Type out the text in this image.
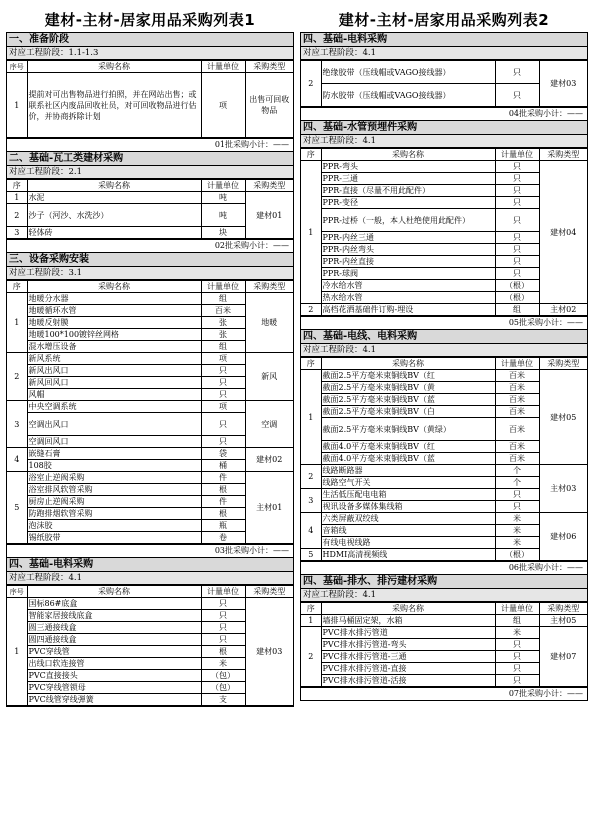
建材-主材-居家用品采购列表1
一、准备阶段
对应工程阶段：1.1-1.3
序号	采购名称	计量单位	采购类型
1	提前对可出售物品进行拍照，并在网站出售；或联系社区内废品回收社员，对可回收物品进行估价，并协商拆除计划	项	出售可回收物品
01批采购小计：——
二、基础-瓦工类建材采购
对应工程阶段：2.1
序	采购名称	计量单位	采购类型
1	水泥	吨	建材01
2	沙子（河沙、水洗沙）	吨	
3	轻体砖	块	
02批采购小计：——
三、设备采购安装
对应工程阶段：3.1
序	采购名称	计量单位	采购类型
1	地暖分水器	组	地暖
	地暖循环水管	百米	
	地暖反射膜	张	
	地暖100*100镀锌丝网格	张	
	混水增压设备	组	
2	新风系统	项	新风
	新风出风口	只	
	新风回风口	只	
	风帽	只	
3	中央空调系统	项	空调
	空调出风口	只	
	空调回风口	只	
4	嵌缝石膏	袋	建材02
	108胶	桶	
5	浴室止逆阀采购	件	主材01
	浴室排风软管采购	根	
	厨房止逆阀采购	件	
	防跑排烟软管采购	根	
	泡沫胶	瓶	
	锡纸胶带	卷	
03批采购小计：——
四、基础-电料采购
对应工程阶段：4.1
序号	采购名称	计量单位	采购类型
1	国标86#底盒	只	建材03
	智能家居接线底盒	只	
	圆三通接线盒	只	
	圆四通接线盒	只	
	PVC穿线管	根	
	出线口软连接管	米	
	PVC直接接头	（包）	
	PVC穿线管锁母	（包）	
	PVC线管穿线弹簧	支	
建材-主材-居家用品采购列表2
四、基础-电料采购
对应工程阶段：4.1
2	绝缘胶带（压线帽或VAGO接线器）	只	建材03
	防水胶带（压线帽或VAGO接线器）	只	
04批采购小计：——
四、基础-水管预埋件采购
对应工程阶段：4.1
序	采购名称	计量单位	采购类型
1	PPR-弯头	只	建材04
	PPR-三通	只	
	PPR-直接（尽量不用此配件）	只	
	PPR-变径	只	
	PPR-过桥（一般，本人杜绝使用此配件）	只	
	PPR-内丝三通	只	
	PPR-内丝弯头	只	
	PPR-内丝直接	只	
	PPR-球阀	只	
	冷水给水管	（根）	
	热水给水管	（根）	
2	高档花洒基础件订购-埋设	组	主材02
05批采购小计：——
四、基础-电线、电料采购
对应工程阶段：4.1
序	采购名称	计量单位	采购类型
1	截面2.5平方毫米束铜线BV（红	百米	建材05
	截面2.5平方毫米束铜线BV（黄	百米	
	截面2.5平方毫米束铜线BV（蓝	百米	
	截面2.5平方毫米束铜线BV（白	百米	
	截面2.5平方毫米束铜线BV（黄绿）	百米	
	截面4.0平方毫米束铜线BV（红	百米	
	截面4.0平方毫米束铜线BV（蓝	百米	
2	线路断路器	个	主材03
	线路空气开关	个	
3	生活低压配电电箱	只	
	视讯设备多媒体集线箱	只	
4	六类屏蔽双绞线	米	建材06
	音箱线	米	
	有线电视线路	米	
5	HDMI高清视频线	（根）	
06批采购小计：——
四、基础-排水、排污建材采购
对应工程阶段：4.1
序	采购名称	计量单位	采购类型
1	墙排马桶固定架，水箱	组	主材05
2	PVC排水排污管道	米	建材07
	PVC排水排污管道-弯头	只	
	PVC排水排污管道-三通	只	
	PVC排水排污管道-直接	只	
	PVC排水排污管道-活接	只	
07批采购小计：——
